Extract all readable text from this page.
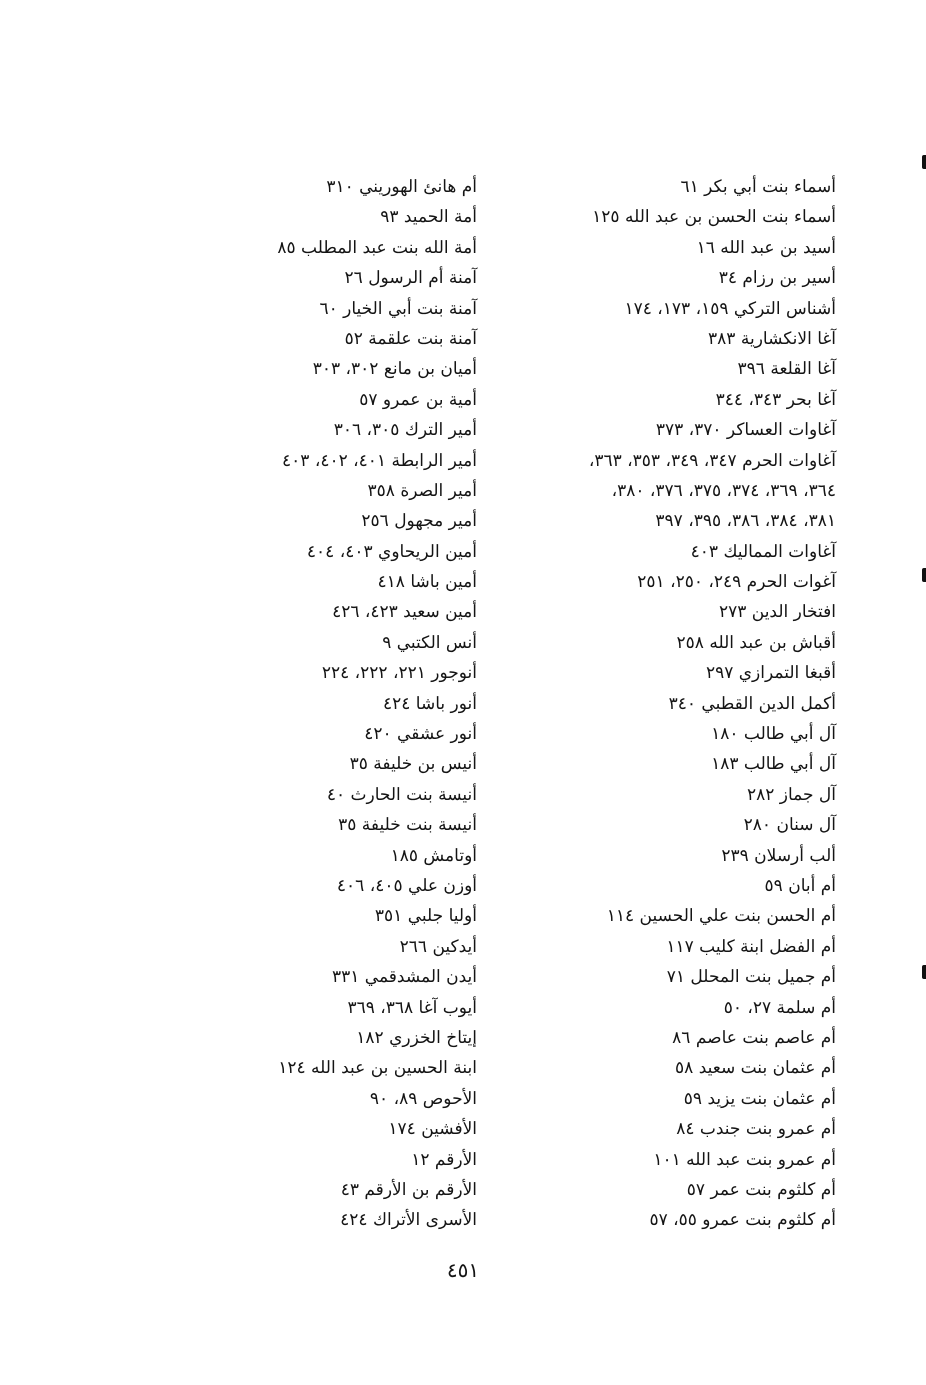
أسماء بنت أبي بكر ٦١
أسماء بنت الحسن بن عبد الله ١٢٥
أسيد بن عبد الله ١٦
أسير بن رزام ٣٤
أشناس التركي ١٥٩، ١٧٣، ١٧٤
آغا الانكشارية ٣٨٣
آغا القلعة ٣٩٦
آغا بحر ٣٤٣، ٣٤٤
آغاوات العساكر ٣٧٠، ٣٧٣
آغاوات الحرم ٣٤٧، ٣٤٩، ٣٥٣، ٣٦٣،
٣٦٤، ٣٦٩، ٣٧٤، ٣٧٥، ٣٧٦، ٣٨٠،
٣٨١، ٣٨٤، ٣٨٦، ٣٩٥، ٣٩٧
آغاوات المماليك ٤٠٣
آغوات الحرم ٢٤٩، ٢٥٠، ٢٥١
افتخار الدين ٢٧٣
أقباش بن عبد الله ٢٥٨
أقبغا التمرازي ٢٩٧
أكمل الدين القطبي ٣٤٠
آل أبي طالب ١٨٠
آل أبي طالب ١٨٣
آل جماز ٢٨٢
آل سنان ٢٨٠
ألب أرسلان ٢٣٩
أم أبان ٥٩
أم الحسن بنت علي الحسين ١١٤
أم الفضل ابنة كليب ١١٧
أم جميل بنت المحلل ٧١
أم سلمة ٢٧، ٥٠
أم عاصم بنت عاصم ٨٦
أم عثمان بنت سعيد ٥٨
أم عثمان بنت يزيد ٥٩
أم عمرو بنت جندب ٨٤
أم عمرو بنت عبد الله ١٠١
أم كلثوم بنت عمر ٥٧
أم كلثوم بنت عمرو ٥٥، ٥٧
أم هانئ الهوريني ٣١٠
أمة الحميد ٩٣
أمة الله بنت عبد المطلب ٨٥
آمنة أم الرسول ٢٦
آمنة بنت أبي الخيار ٦٠
آمنة بنت علقمة ٥٢
أميان بن مانع ٣٠٢، ٣٠٣
أمية بن عمرو ٥٧
أمير الترك ٣٠٥، ٣٠٦
أمير الرابطة ٤٠١، ٤٠٢، ٤٠٣
أمير الصرة ٣٥٨
أمير مجهول ٢٥٦
أمين الريحاوي ٤٠٣، ٤٠٤
أمين باشا ٤١٨
أمين سعيد ٤٢٣، ٤٢٦
أنس الكتبي ٩
أنوجور ٢٢١، ٢٢٢، ٢٢٤
أنور باشا ٤٢٤
أنور عشقي ٤٢٠
أنيس بن خليفة ٣٥
أنيسة بنت الحارث ٤٠
أنيسة بنت خليفة ٣٥
أوتامش ١٨٥
أوزن علي ٤٠٥، ٤٠٦
أوليا جلبي ٣٥١
أيدكين ٢٦٦
أيدن المشدقمي ٣٣١
أيوب آغا ٣٦٨، ٣٦٩
إيتاخ الخزري ١٨٢
ابنة الحسين بن عبد الله ١٢٤
الأحوص ٨٩، ٩٠
الأفشين ١٧٤
الأرقم ١٢
الأرقم بن الأرقم ٤٣
الأسرى الأتراك ٤٢٤
٤٥١
